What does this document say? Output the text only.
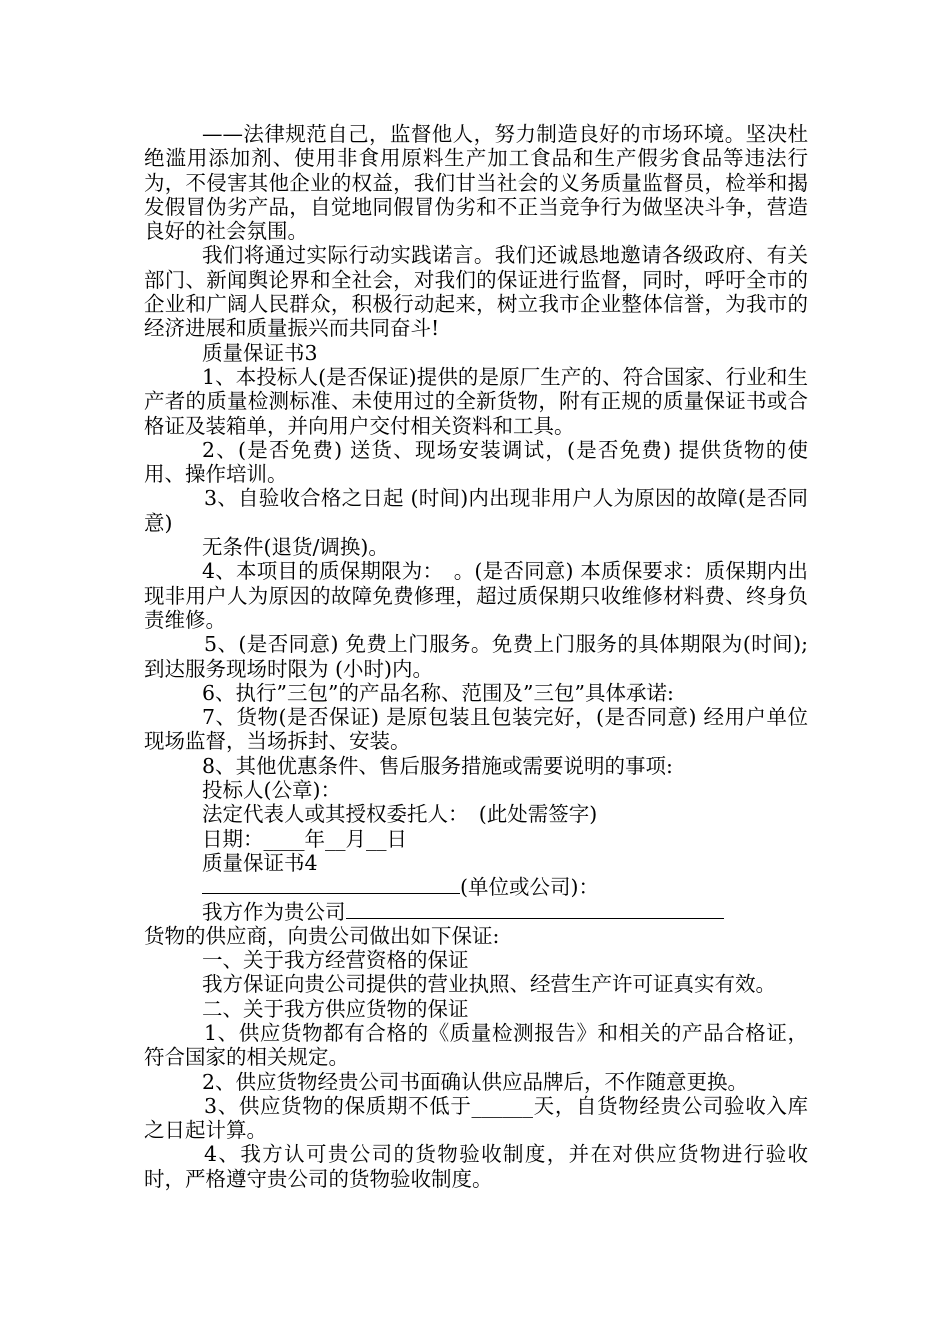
——法律规范自己，监督他人，努力制造良好的市场环境。坚决杜绝滥用添加剂、使用非食用原料生产加工食品和生产假劣食品等违法行为，不侵害其他企业的权益，我们甘当社会的义务质量监督员，检举和揭发假冒伪劣产品，自觉地同假冒伪劣和不正当竞争行为做坚决斗争，营造良好的社会氛围。

我们将通过实际行动实践诺言。我们还诚恳地邀请各级政府、有关部门、新闻舆论界和全社会，对我们的保证进行监督，同时，呼吁全市的企业和广阔人民群众，积极行动起来，树立我市企业整体信誉，为我市的经济进展和质量振兴而共同奋斗!

质量保证书3

1、本投标人(是否保证)提供的是原厂生产的、符合国家、行业和生产者的质量检测标准、未使用过的全新货物，附有正规的质量保证书或合格证及装箱单，并向用户交付相关资料和工具。

2、(是否免费) 送货、现场安装调试，(是否免费) 提供货物的使用、操作培训。

3、自验收合格之日起 (时间)内出现非用户人为原因的故障(是否同意)

无条件(退货/调换)。

4、本项目的质保期限为：　。(是否同意) 本质保要求：质保期内出现非用户人为原因的故障免费修理，超过质保期只收维修材料费、终身负责维修。

5、(是否同意) 免费上门服务。免费上门服务的具体期限为(时间);到达服务现场时限为 (小时)内。

6、执行”三包”的产品名称、范围及”三包”具体承诺:

7、货物(是否保证) 是原包装且包装完好，(是否同意) 经用户单位现场监督，当场拆封、安装。

8、其他优惠条件、售后服务措施或需要说明的事项:

投标人(公章)：

法定代表人或其授权委托人：　(此处需签字)

日期：____年__月__日

质量保证书4

(单位或公司)：

我方作为贵公司

货物的供应商，向贵公司做出如下保证:

一、关于我方经营资格的保证

我方保证向贵公司提供的营业执照、经营生产许可证真实有效。

二、关于我方供应货物的保证

1、供应货物都有合格的《质量检测报告》和相关的产品合格证，符合国家的相关规定。

2、供应货物经贵公司书面确认供应品牌后，不作随意更换。

3、供应货物的保质期不低于______天，自货物经贵公司验收入库之日起计算。

4、我方认可贵公司的货物验收制度，并在对供应货物进行验收时，严格遵守贵公司的货物验收制度。
